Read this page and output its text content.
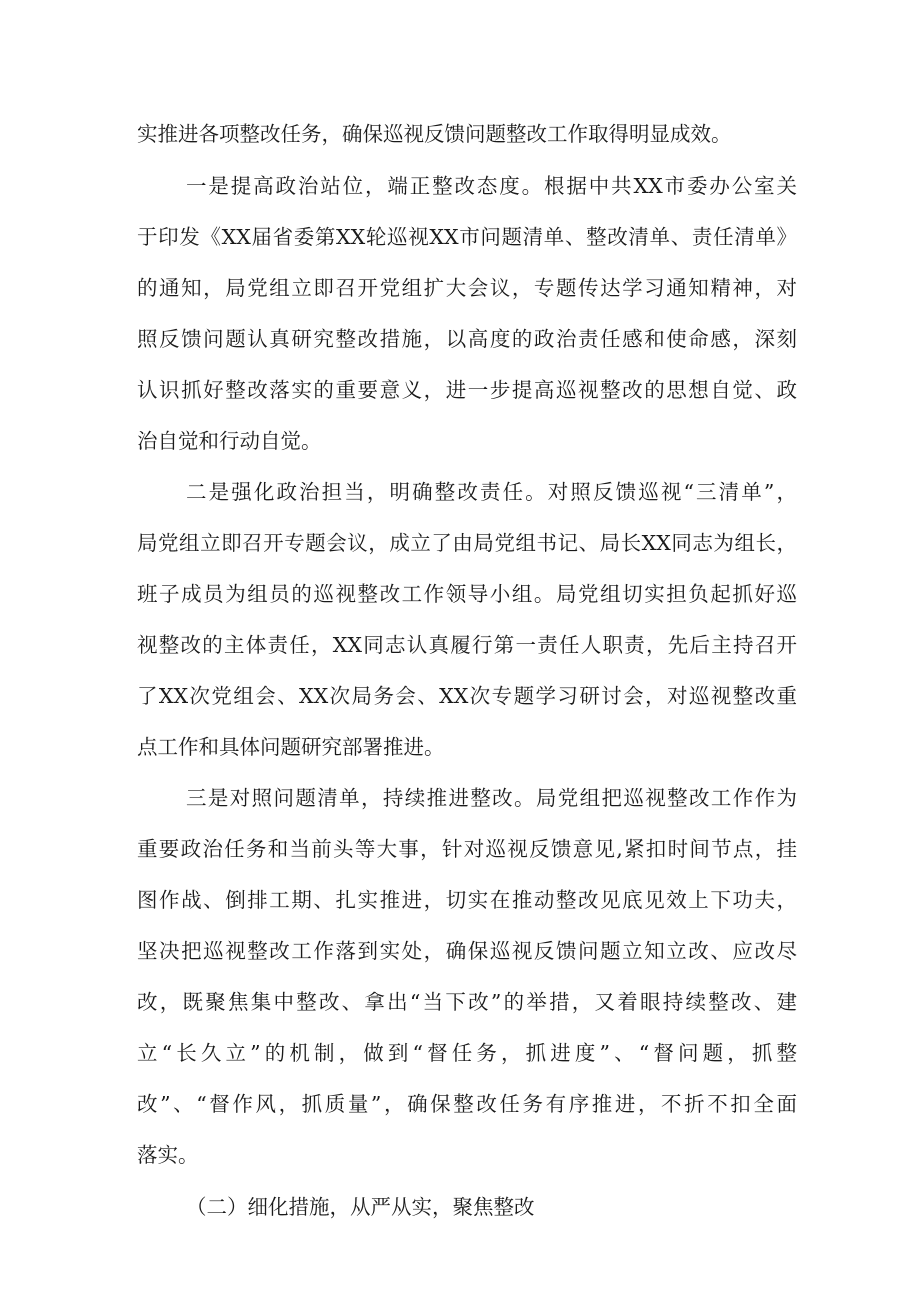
实推进各项整改任务，确保巡视反馈问题整改工作取得明显成效。
一是提高政治站位，端正整改态度。根据中共XX市委办公室关
于印发《XX届省委第XX轮巡视XX市问题清单、整改清单、责任清单》
的通知，局党组立即召开党组扩大会议，专题传达学习通知精神，对
照反馈问题认真研究整改措施，以高度的政治责任感和使命感，深刻
认识抓好整改落实的重要意义，进一步提高巡视整改的思想自觉、政
治自觉和行动自觉。
二是强化政治担当，明确整改责任。对照反馈巡视“三清单”，
局党组立即召开专题会议，成立了由局党组书记、局长XX同志为组长，
班子成员为组员的巡视整改工作领导小组。局党组切实担负起抓好巡
视整改的主体责任，XX同志认真履行第一责任人职责，先后主持召开
了XX次党组会、XX次局务会、XX次专题学习研讨会，对巡视整改重
点工作和具体问题研究部署推进。
三是对照问题清单，持续推进整改。局党组把巡视整改工作作为
重要政治任务和当前头等大事，针对巡视反馈意见,紧扣时间节点，挂
图作战、倒排工期、扎实推进，切实在推动整改见底见效上下功夫，
坚决把巡视整改工作落到实处，确保巡视反馈问题立知立改、应改尽
改，既聚焦集中整改、拿出“当下改”的举措，又着眼持续整改、建
立“长久立”的机制，做到“督任务，抓进度”、“督问题，抓整
改”、“督作风，抓质量”，确保整改任务有序推进，不折不扣全面
落实。
（二）细化措施，从严从实，聚焦整改
